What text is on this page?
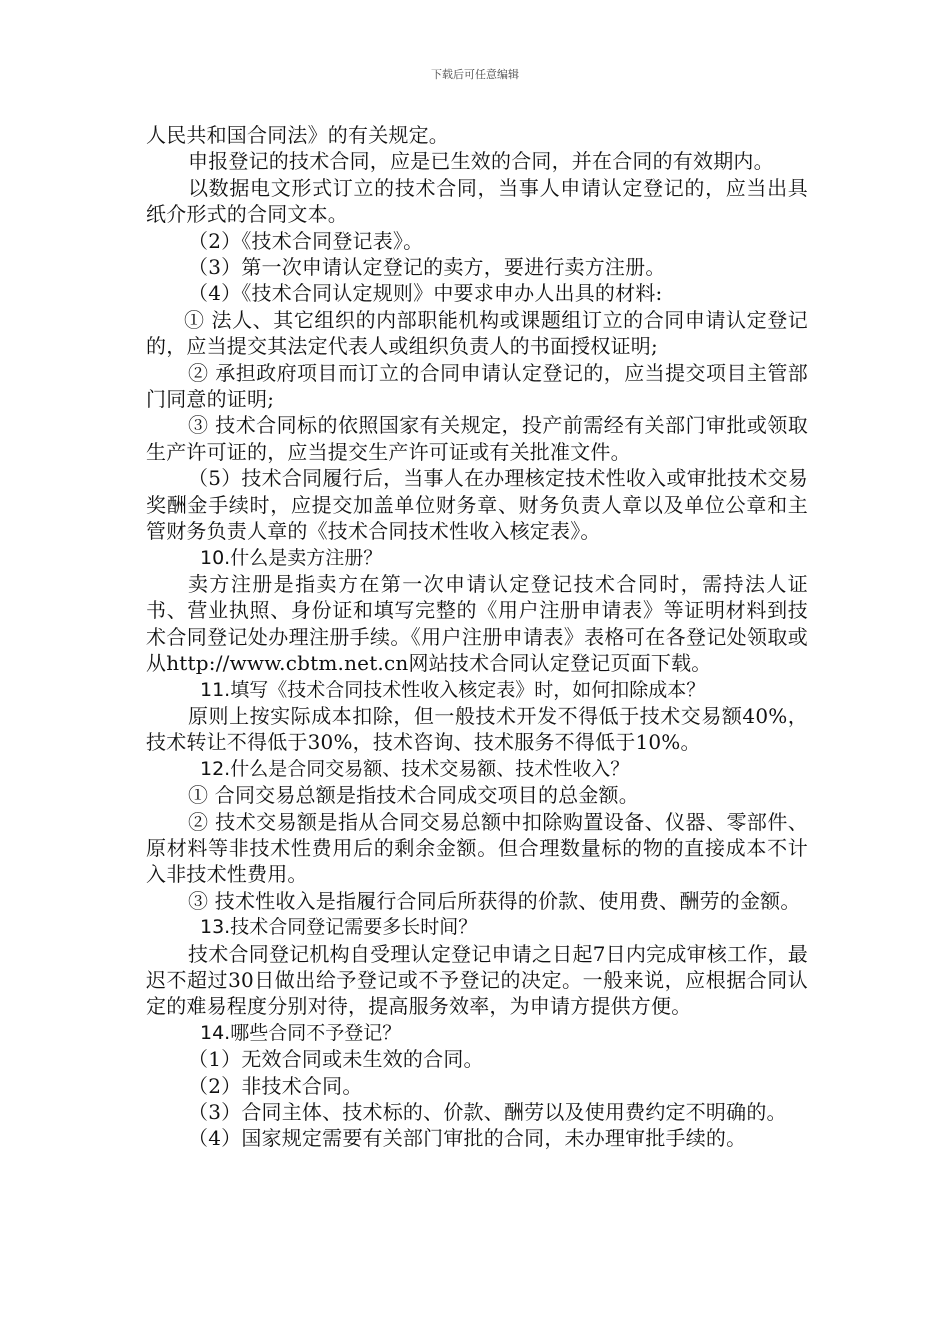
下载后可任意编辑

人民共和国合同法》的有关规定。

申报登记的技术合同，应是已生效的合同，并在合同的有效期内。

以数据电文形式订立的技术合同，当事人申请认定登记的，应当出具纸介形式的合同文本。

（2）《技术合同登记表》。

（3）第一次申请认定登记的卖方，要进行卖方注册。

（4）《技术合同认定规则》中要求申办人出具的材料:

① 法人、其它组织的内部职能机构或课题组订立的合同申请认定登记的，应当提交其法定代表人或组织负责人的书面授权证明;

② 承担政府项目而订立的合同申请认定登记的，应当提交项目主管部门同意的证明;

③ 技术合同标的依照国家有关规定，投产前需经有关部门审批或领取生产许可证的，应当提交生产许可证或有关批准文件。

（5）技术合同履行后，当事人在办理核定技术性收入或审批技术交易奖酬金手续时，应提交加盖单位财务章、财务负责人章以及单位公章和主管财务负责人章的《技术合同技术性收入核定表》。

10.什么是卖方注册？

卖方注册是指卖方在第一次申请认定登记技术合同时，需持法人证书、营业执照、身份证和填写完整的《用户注册申请表》等证明材料到技术合同登记处办理注册手续。《用户注册申请表》表格可在各登记处领取或从http://www.cbtm.net.cn网站技术合同认定登记页面下载。

11.填写《技术合同技术性收入核定表》时，如何扣除成本？

原则上按实际成本扣除，但一般技术开发不得低于技术交易额40%，技术转让不得低于30%，技术咨询、技术服务不得低于10%。

12.什么是合同交易额、技术交易额、技术性收入？

① 合同交易总额是指技术合同成交项目的总金额。

② 技术交易额是指从合同交易总额中扣除购置设备、仪器、零部件、原材料等非技术性费用后的剩余金额。但合理数量标的物的直接成本不计入非技术性费用。

③ 技术性收入是指履行合同后所获得的价款、使用费、酬劳的金额。

13.技术合同登记需要多长时间？

技术合同登记机构自受理认定登记申请之日起7日内完成审核工作，最迟不超过30日做出给予登记或不予登记的决定。一般来说，应根据合同认定的难易程度分别对待，提高服务效率，为申请方提供方便。

14.哪些合同不予登记？

（1）无效合同或未生效的合同。

（2）非技术合同。

（3）合同主体、技术标的、价款、酬劳以及使用费约定不明确的。

（4）国家规定需要有关部门审批的合同，未办理审批手续的。
